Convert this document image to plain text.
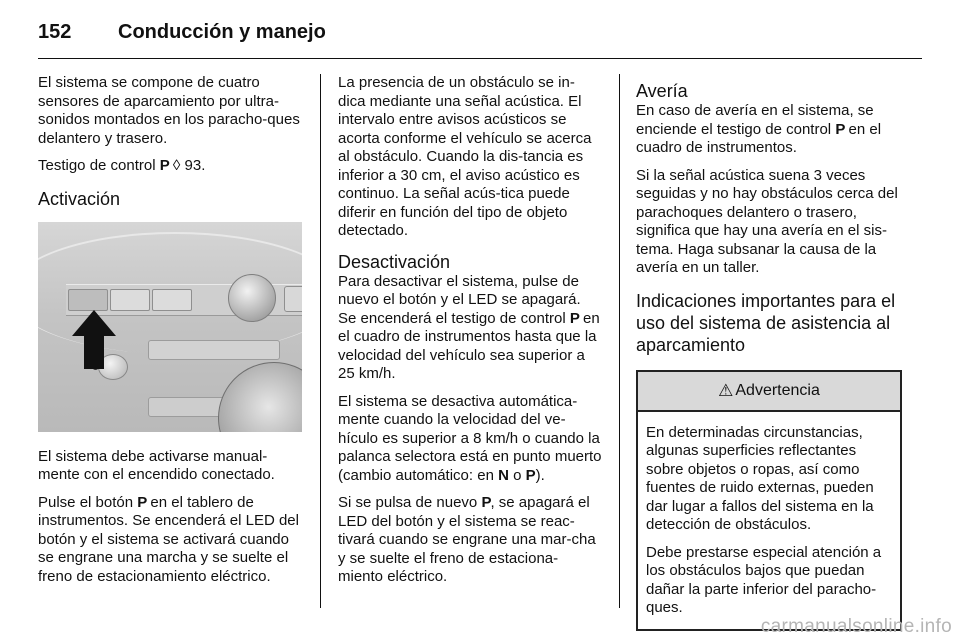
152	Conducción y manejo

El sistema se compone de cuatro sensores de aparcamiento por ultra-sonidos montados en los paracho-ques delantero y trasero.

Testigo de control P ◊ 93.

Activación

El sistema debe activarse manual-mente con el encendido conectado.

Pulse el botón P en el tablero de instrumentos. Se encenderá el LED del botón y el sistema se activará cuando se engrane una marcha y se suelte el freno de estacionamiento eléctrico.

La presencia de un obstáculo se in-dica mediante una señal acústica. El intervalo entre avisos acústicos se acorta conforme el vehículo se acerca al obstáculo. Cuando la dis-tancia es inferior a 30 cm, el aviso acústico es continuo. La señal acús-tica puede diferir en función del tipo de objeto detectado.

Desactivación

Para desactivar el sistema, pulse de nuevo el botón y el LED se apagará. Se encenderá el testigo de control P en el cuadro de instrumentos hasta que la velocidad del vehículo sea superior a 25 km/h.

El sistema se desactiva automática-mente cuando la velocidad del ve-hículo es superior a 8 km/h o cuando la palanca selectora está en punto muerto (cambio automático: en N o P).

Si se pulsa de nuevo P, se apagará el LED del botón y el sistema se reac-tivará cuando se engrane una mar-cha y se suelte el freno de estaciona-miento eléctrico.

Avería

En caso de avería en el sistema, se enciende el testigo de control P en el cuadro de instrumentos.

Si la señal acústica suena 3 veces seguidas y no hay obstáculos cerca del parachoques delantero o trasero, significa que hay una avería en el sis-tema. Haga subsanar la causa de la avería en un taller.

Indicaciones importantes para el uso del sistema de asistencia al aparcamiento
⚠ Advertencia

En determinadas circunstancias, algunas superficies reflectantes sobre objetos o ropas, así como fuentes de ruido externas, pueden dar lugar a fallos del sistema en la detección de obstáculos.

Debe prestarse especial atención a los obstáculos bajos que puedan dañar la parte inferior del paracho-ques.

carmanualsonline.info
